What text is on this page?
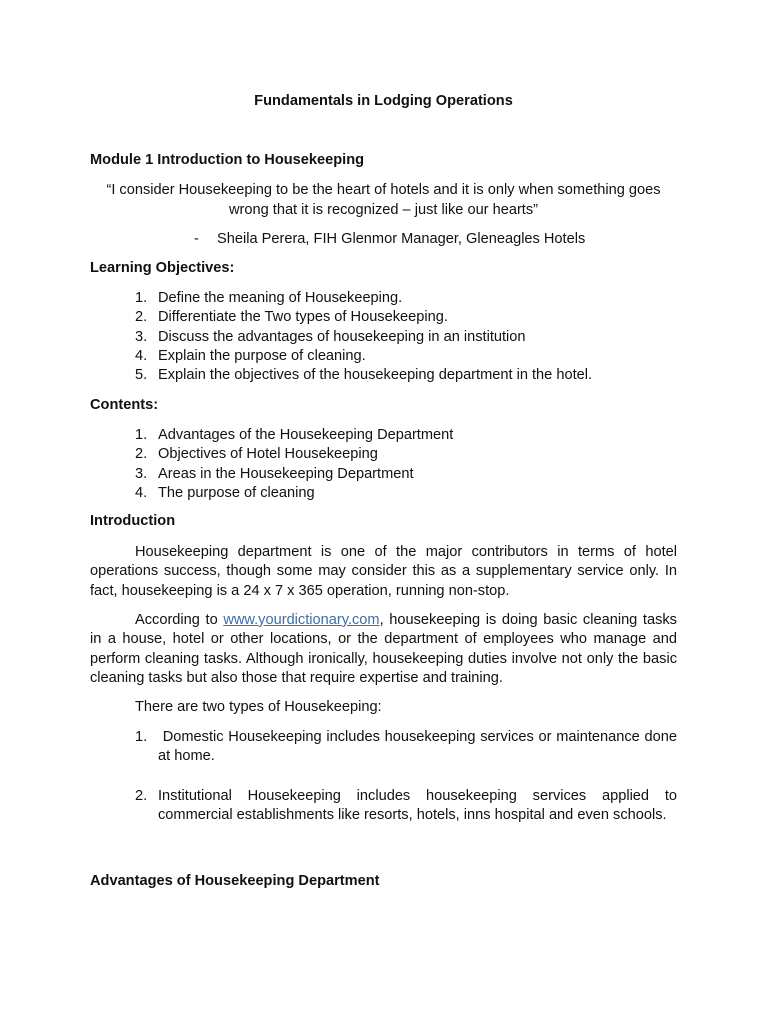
Fundamentals in Lodging Operations
Module 1 Introduction to Housekeeping
“I consider Housekeeping to be the heart of hotels and it is only when something goes wrong that it is recognized – just like our hearts”
- Sheila Perera, FIH Glenmor Manager, Gleneagles Hotels
Learning Objectives:
1. Define the meaning of Housekeeping.
2. Differentiate the Two types of Housekeeping.
3. Discuss the advantages of housekeeping in an institution
4. Explain the purpose of cleaning.
5. Explain the objectives of the housekeeping department in the hotel.
Contents:
1. Advantages of the Housekeeping Department
2. Objectives of Hotel Housekeeping
3. Areas in the Housekeeping Department
4. The purpose of cleaning
Introduction

Housekeeping department is one of the major contributors in terms of hotel operations success, though some may consider this as a supplementary service only. In fact, housekeeping is a 24 x 7 x 365 operation, running non-stop.

According to www.yourdictionary.com, housekeeping is doing basic cleaning tasks in a house, hotel or other locations, or the department of employees who manage and perform cleaning tasks. Although ironically, housekeeping duties involve not only the basic cleaning tasks but also those that require expertise and training.

There are two types of Housekeeping:
1. Domestic Housekeeping includes housekeeping services or maintenance done at home.
2. Institutional Housekeeping includes housekeeping services applied to commercial establishments like resorts, hotels, inns hospital and even schools.
Advantages of Housekeeping Department
